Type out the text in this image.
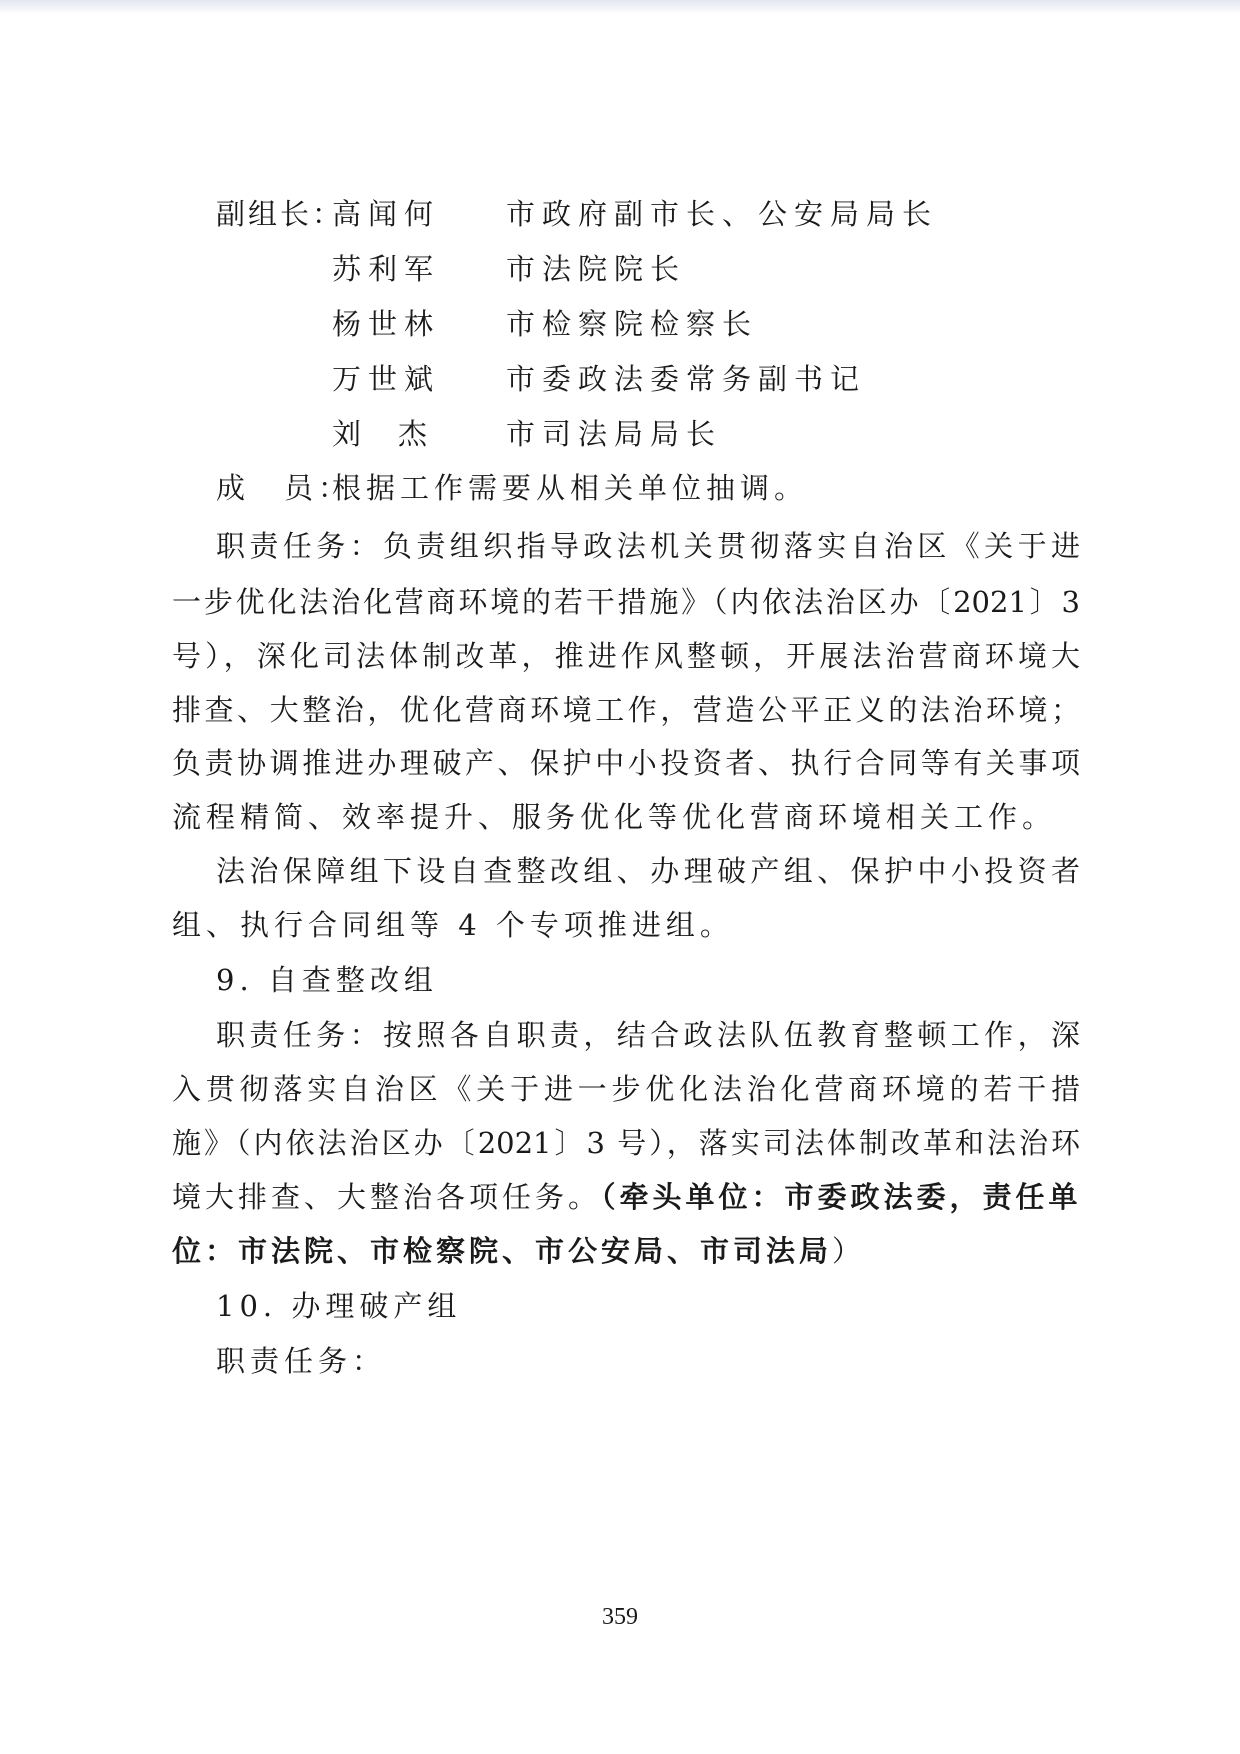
副组长：
高闻何 市政府副市长、公安局局长
苏利军 市法院院长
杨世林 市检察院检察长
万世斌 市委政法委常务副书记
刘　杰	市司法局局长
成　员：
根据工作需要从相关单位抽调。
职责任务：负责组织指导政法机关贯彻落实自治区《关于进
一步优化法治化营商环境的若干措施》（内依法治区办〔2021〕3
号），深化司法体制改革，推进作风整顿，开展法治营商环境大
排查、大整治，优化营商环境工作，营造公平正义的法治环境；
负责协调推进办理破产、保护中小投资者、执行合同等有关事项
流程精简、效率提升、服务优化等优化营商环境相关工作。
法治保障组下设自查整改组、办理破产组、保护中小投资者
组、执行合同组等 4 个专项推进组。
9. 自查整改组
职责任务：按照各自职责，结合政法队伍教育整顿工作，深
入贯彻落实自治区《关于进一步优化法治化营商环境的若干措
施》（内依法治区办〔2021〕3 号），落实司法体制改革和法治环
境大排查、大整治各项任务。（牵头单位：市委政法委，责任单
位：市法院、市检察院、市公安局、市司法局）
10. 办理破产组
职责任务：
359
